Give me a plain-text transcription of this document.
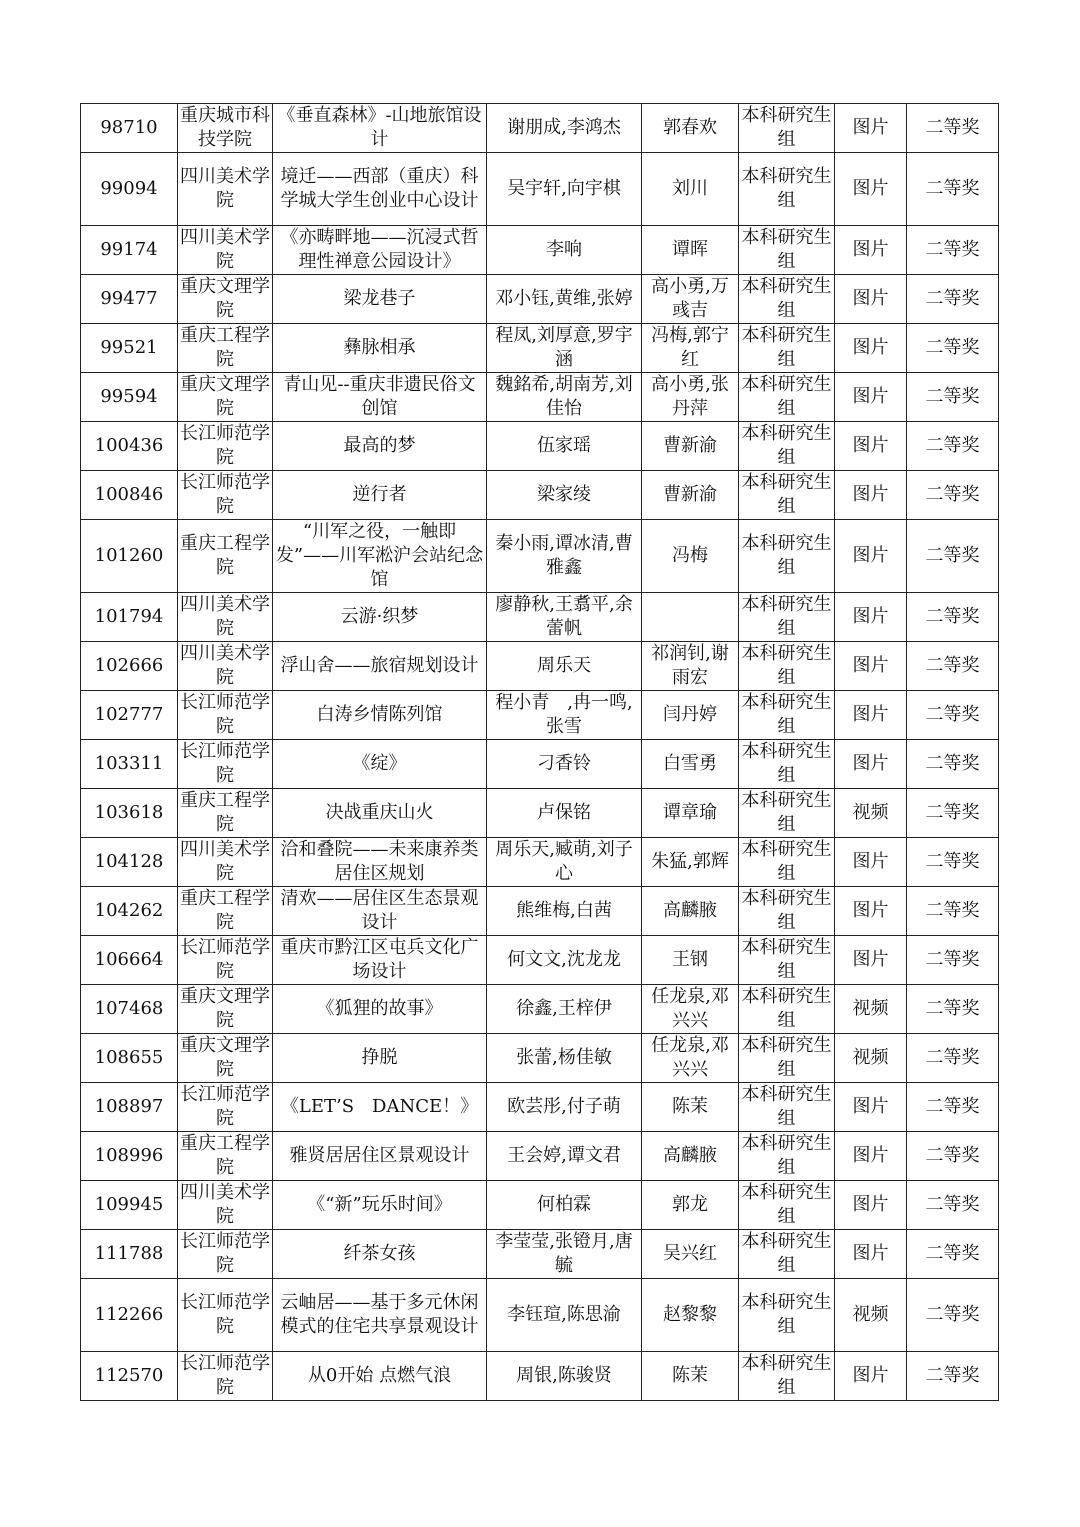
98710	重庆城市科技学院	《垂直森林》-山地旅馆设计	谢朋成,李鸿杰	郭春欢	本科研究生组	图片	二等奖
99094	四川美术学院	境迁——西部（重庆）科学城大学生创业中心设计	吴宇轩,向宇棋	刘川	本科研究生组	图片	二等奖
99174	四川美术学院	《亦畴畔地——沉浸式哲理性禅意公园设计》	李响	谭晖	本科研究生组	图片	二等奖
99477	重庆文理学院	梁龙巷子	邓小钰,黄维,张婷	高小勇,万彧吉	本科研究生组	图片	二等奖
99521	重庆工程学院	彝脉相承	程凤,刘厚意,罗宇涵	冯梅,郭宁红	本科研究生组	图片	二等奖
99594	重庆文理学院	青山见--重庆非遗民俗文创馆	魏銘希,胡南芳,刘佳怡	高小勇,张丹萍	本科研究生组	图片	二等奖
100436	长江师范学院	最高的梦	伍家瑶	曹新渝	本科研究生组	图片	二等奖
100846	长江师范学院	逆行者	梁家绫	曹新渝	本科研究生组	图片	二等奖
101260	重庆工程学院	“川军之役，一触即发”——川军淞沪会站纪念馆	秦小雨,谭冰清,曹雅鑫	冯梅	本科研究生组	图片	二等奖
101794	四川美术学院	云游·织梦	廖静秋,王翥平,余蕾帆		本科研究生组	图片	二等奖
102666	四川美术学院	浮山舍——旅宿规划设计	周乐天	祁润钊,谢雨宏	本科研究生组	图片	二等奖
102777	长江师范学院	白涛乡情陈列馆	程小青　,冉一鸣,张雪	闫丹婷	本科研究生组	图片	二等奖
103311	长江师范学院	《绽》	刁香铃	白雪勇	本科研究生组	图片	二等奖
103618	重庆工程学院	决战重庆山火	卢保铭	谭章瑜	本科研究生组	视频	二等奖
104128	四川美术学院	洽和叠院——未来康养类居住区规划	周乐天,臧萌,刘子心	朱猛,郭辉	本科研究生组	图片	二等奖
104262	重庆工程学院	清欢——居住区生态景观设计	熊维梅,白茜	高麟腋	本科研究生组	图片	二等奖
106664	长江师范学院	重庆市黔江区屯兵文化广场设计	何文文,沈龙龙	王钢	本科研究生组	图片	二等奖
107468	重庆文理学院	《狐狸的故事》	徐鑫,王梓伊	任龙泉,邓兴兴	本科研究生组	视频	二等奖
108655	重庆文理学院	挣脱	张蕾,杨佳敏	任龙泉,邓兴兴	本科研究生组	视频	二等奖
108897	长江师范学院	《LET’S　DANCE！》	欧芸彤,付子萌	陈茉	本科研究生组	图片	二等奖
108996	重庆工程学院	雅贤居居住区景观设计	王会婷,谭文君	高麟腋	本科研究生组	图片	二等奖
109945	四川美术学院	《“新”玩乐时间》	何柏霖	郭龙	本科研究生组	图片	二等奖
111788	长江师范学院	纤茶女孩	李莹莹,张镫月,唐毓	吴兴红	本科研究生组	图片	二等奖
112266	长江师范学院	云岫居——基于多元休闲模式的住宅共享景观设计	李钰瑄,陈思渝	赵黎黎	本科研究生组	视频	二等奖
112570	长江师范学院	从0开始 点燃气浪	周银,陈骏贤	陈茉	本科研究生组	图片	二等奖
